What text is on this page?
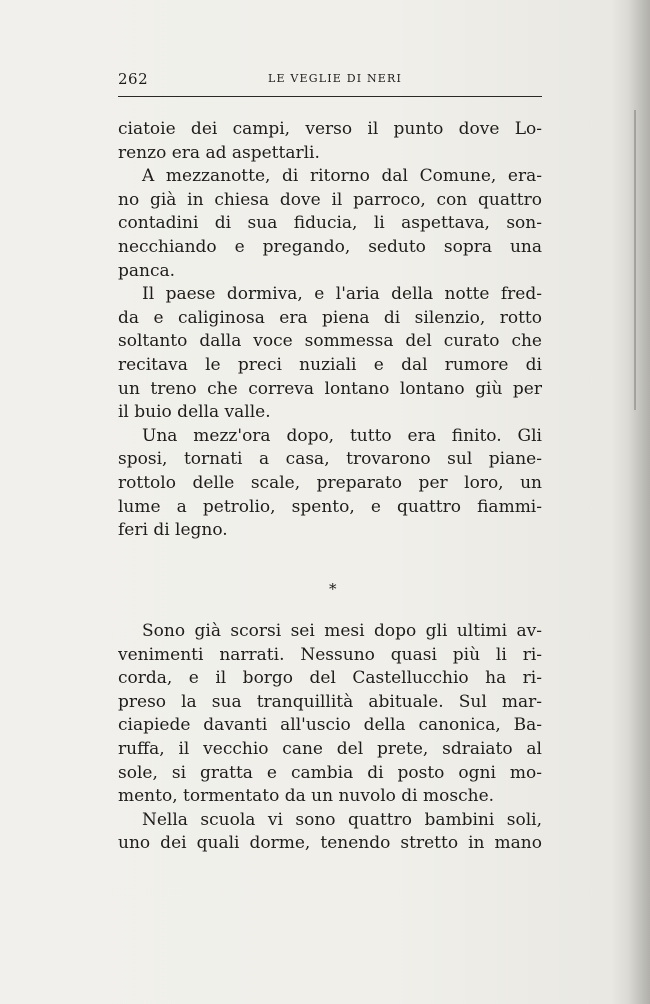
262	LE VEGLIE DI NERI
ciatoie dei campi, verso il punto dove Lo-
renzo era ad aspettarli.
A mezzanotte, di ritorno dal Comune, era-
no già in chiesa dove il parroco, con quattro
contadini di sua fiducia, li aspettava, son-
necchiando e pregando, seduto sopra una
panca.
Il paese dormiva, e l'aria della notte fred-
da e caliginosa era piena di silenzio, rotto
soltanto dalla voce sommessa del curato che
recitava le preci nuziali e dal rumore di
un treno che correva lontano lontano giù per
il buio della valle.
Una mezz'ora dopo, tutto era finito. Gli
sposi, tornati a casa, trovarono sul piane-
rottolo delle scale, preparato per loro, un
lume a petrolio, spento, e quattro fiammi-
feri di legno.
*
Sono già scorsi sei mesi dopo gli ultimi av-
venimenti narrati. Nessuno quasi più li ri-
corda, e il borgo del Castellucchio ha ri-
preso la sua tranquillità abituale. Sul mar-
ciapiede davanti all'uscio della canonica, Ba-
ruffa, il vecchio cane del prete, sdraiato al
sole, si gratta e cambia di posto ogni mo-
mento, tormentato da un nuvolo di mosche.
Nella scuola vi sono quattro bambini soli,
uno dei quali dorme, tenendo stretto in mano
